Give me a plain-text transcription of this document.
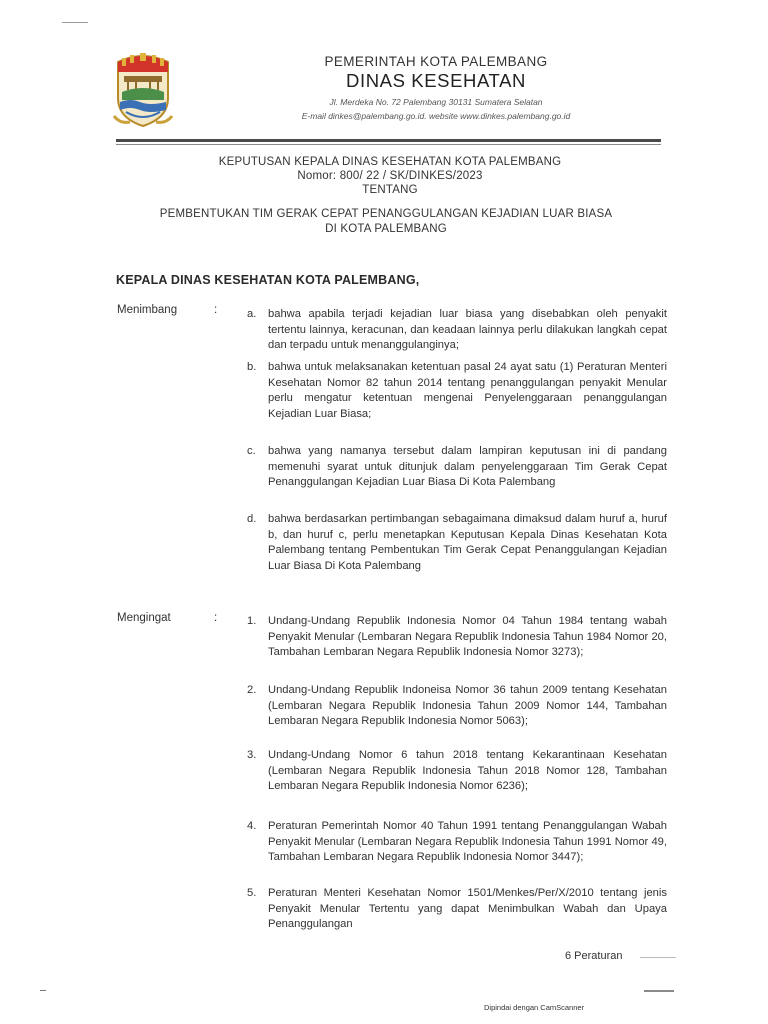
PEMERINTAH KOTA PALEMBANG
DINAS KESEHATAN
Jl. Merdeka No. 72 Palembang 30131 Sumatera Selatan
E-mail dinkes@palembang.go.id. website www.dinkes.palembang.go.id
KEPUTUSAN KEPALA DINAS KESEHATAN KOTA PALEMBANG
Nomor: 800/ 22 / SK/DINKES/2023
TENTANG
PEMBENTUKAN TIM GERAK CEPAT PENANGGULANGAN KEJADIAN LUAR BIASA
DI KOTA PALEMBANG
KEPALA DINAS KESEHATAN KOTA PALEMBANG,
Menimbang	:	a.	bahwa apabila terjadi kejadian luar biasa yang disebabkan oleh penyakit tertentu lainnya, keracunan, dan keadaan lainnya perlu dilakukan langkah cepat dan terpadu untuk menanggulanginya;
b.	bahwa untuk melaksanakan ketentuan pasal 24 ayat satu (1) Peraturan Menteri Kesehatan Nomor 82 tahun 2014 tentang penanggulangan penyakit Menular perlu mengatur ketentuan mengenai Penyelenggaraan penanggulangan Kejadian Luar Biasa;
c.	bahwa yang namanya tersebut dalam lampiran keputusan ini di pandang memenuhi syarat untuk ditunjuk dalam penyelenggaraan Tim Gerak Cepat Penanggulangan Kejadian Luar Biasa Di Kota Palembang
d.	bahwa berdasarkan pertimbangan sebagaimana dimaksud dalam huruf a, huruf b, dan huruf c, perlu menetapkan Keputusan Kepala Dinas Kesehatan Kota Palembang tentang Pembentukan Tim Gerak Cepat Penanggulangan Kejadian Luar Biasa Di Kota Palembang
Mengingat	:	1.	Undang-Undang Republik Indonesia Nomor 04 Tahun 1984 tentang wabah Penyakit Menular (Lembaran Negara Republik Indonesia Tahun 1984 Nomor 20, Tambahan Lembaran Negara Republik Indonesia Nomor 3273);
2.	Undang-Undang Republik Indoneisa Nomor 36 tahun 2009 tentang Kesehatan (Lembaran Negara Republik Indonesia Tahun 2009 Nomor 144, Tambahan Lembaran Negara Republik Indonesia Nomor 5063);
3.	Undang-Undang Nomor 6 tahun 2018 tentang Kekarantinaan Kesehatan (Lembaran Negara Republik Indonesia Tahun 2018 Nomor 128, Tambahan Lembaran Negara Republik Indonesia Nomor 6236);
4.	Peraturan Pemerintah Nomor 40 Tahun 1991 tentang Penanggulangan Wabah Penyakit Menular (Lembaran Negara Republik Indonesia Tahun 1991 Nomor 49, Tambahan Lembaran Negara Republik Indonesia Nomor 3447);
5.	Peraturan Menteri Kesehatan Nomor 1501/Menkes/Per/X/2010 tentang jenis Penyakit Menular Tertentu yang dapat Menimbulkan Wabah dan Upaya Penanggulangan
6 Peraturan
Dipindai dengan CamScanner
